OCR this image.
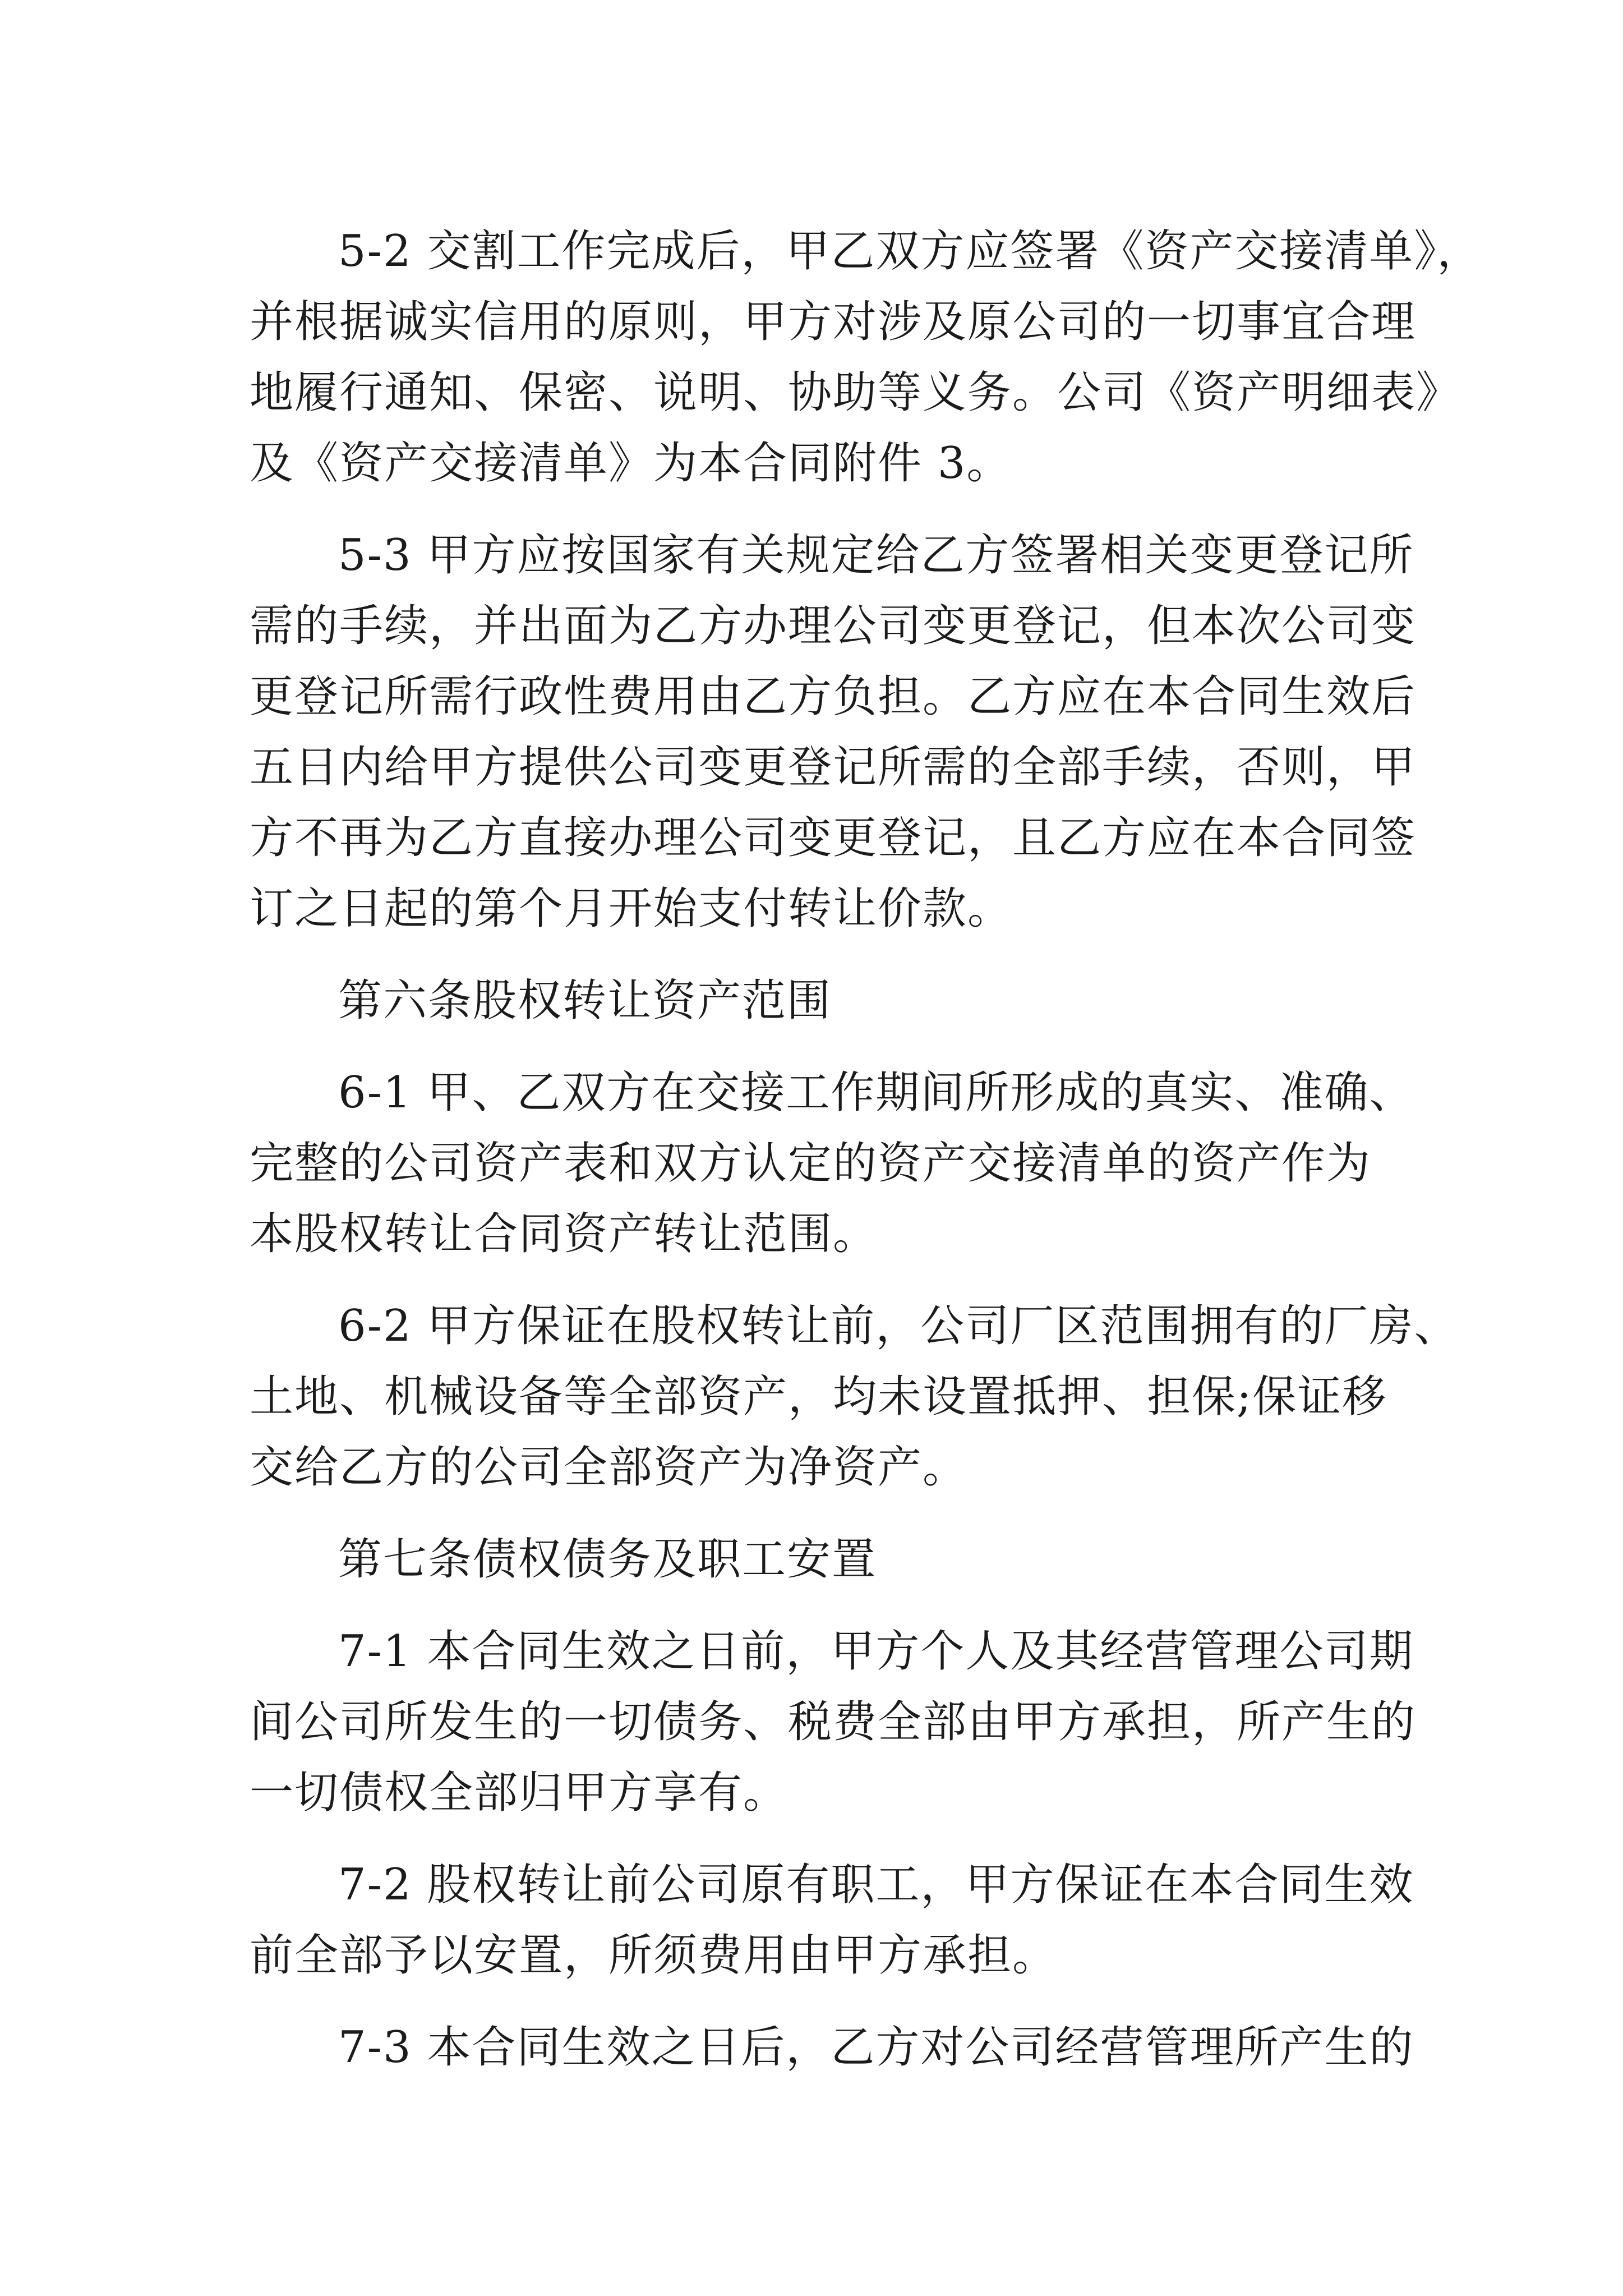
5-2 交割工作完成后，甲乙双方应签署《资产交接清单》，
并根据诚实信用的原则，甲方对涉及原公司的一切事宜合理
地履行通知、保密、说明、协助等义务。公司《资产明细表》
及《资产交接清单》为本合同附件 3。
5-3 甲方应按国家有关规定给乙方签署相关变更登记所
需的手续，并出面为乙方办理公司变更登记，但本次公司变
更登记所需行政性费用由乙方负担。乙方应在本合同生效后
五日内给甲方提供公司变更登记所需的全部手续，否则，甲
方不再为乙方直接办理公司变更登记，且乙方应在本合同签
订之日起的第个月开始支付转让价款。
第六条股权转让资产范围
6-1 甲、乙双方在交接工作期间所形成的真实、准确、
完整的公司资产表和双方认定的资产交接清单的资产作为
本股权转让合同资产转让范围。
6-2 甲方保证在股权转让前，公司厂区范围拥有的厂房、
土地、机械设备等全部资产，均未设置抵押、担保;保证移
交给乙方的公司全部资产为净资产。
第七条债权债务及职工安置
7-1 本合同生效之日前，甲方个人及其经营管理公司期
间公司所发生的一切债务、税费全部由甲方承担，所产生的
一切债权全部归甲方享有。
7-2 股权转让前公司原有职工，甲方保证在本合同生效
前全部予以安置，所须费用由甲方承担。
7-3 本合同生效之日后，乙方对公司经营管理所产生的
